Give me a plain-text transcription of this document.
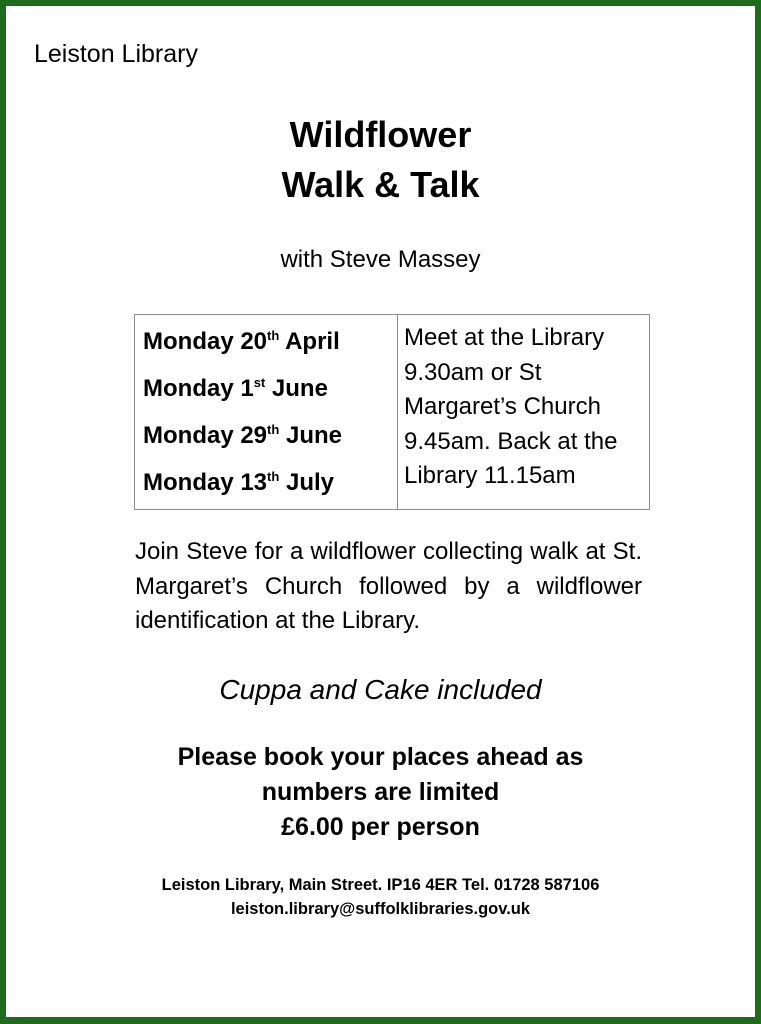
Leiston Library
Wildflower
Walk & Talk
with Steve Massey
Monday 20th April
Monday 1st June
Monday 29th June
Monday 13th July

Meet at the Library
9.30am or St
Margaret’s Church
9.45am. Back at the
Library 11.15am
Join Steve for a wildflower collecting walk at St. Margaret’s Church followed by a wildflower identification at the Library.
Cuppa and Cake included
Please book your places ahead as
numbers are limited
£6.00 per person
Leiston Library, Main Street. IP16 4ER Tel. 01728 587106
leiston.library@suffolklibraries.gov.uk
